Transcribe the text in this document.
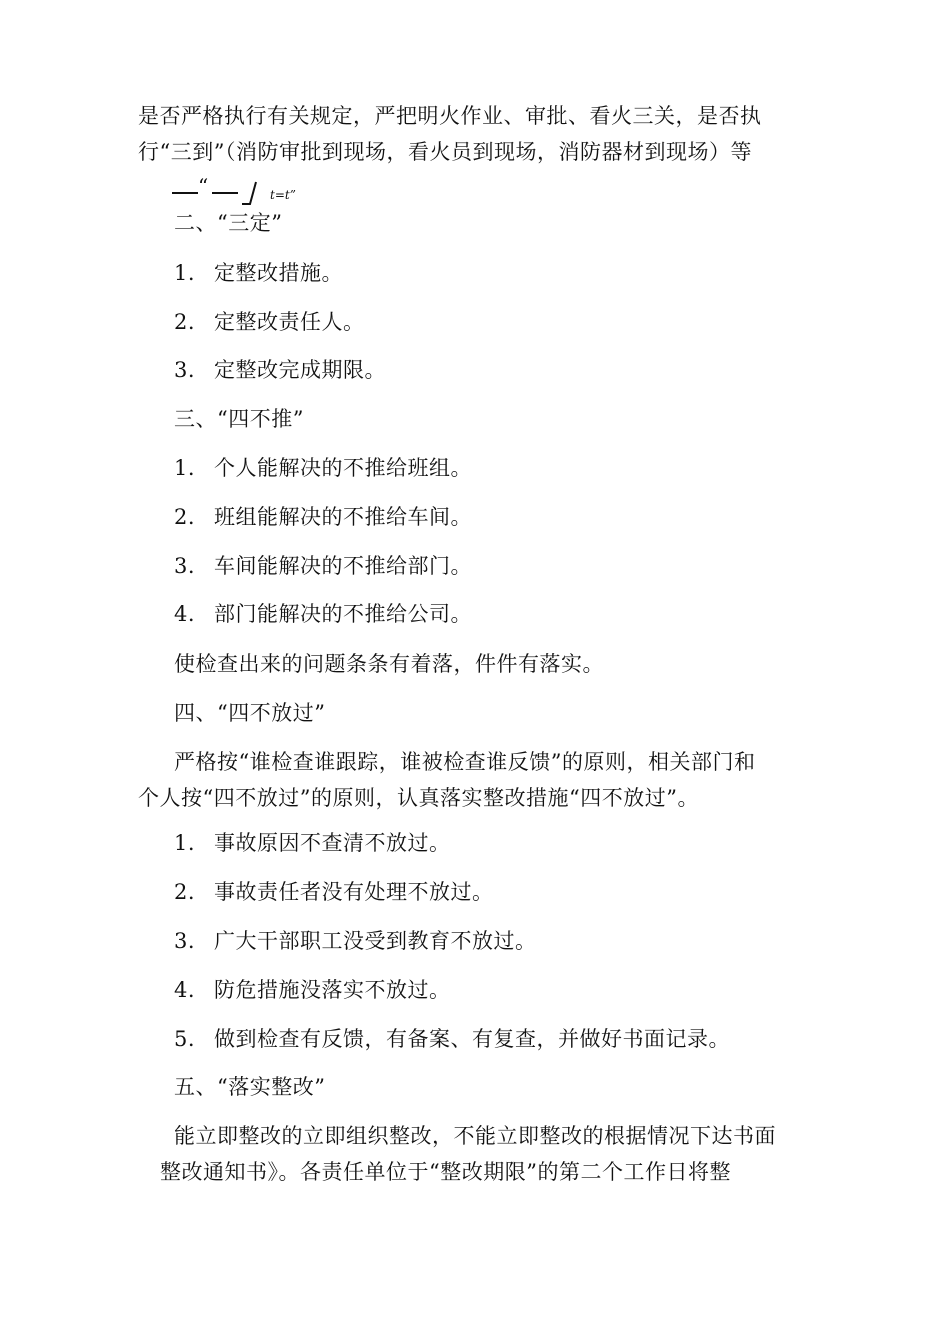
是否严格执行有关规定，严把明火作业、审批、看火三关，是否执
行“三到”（消防审批到现场，看火员到现场，消防器材到现场）等
“	t=t”
二、“三定”
1. 定整改措施。
2. 定整改责任人。
3. 定整改完成期限。
三、“四不推”
1. 个人能解决的不推给班组。
2. 班组能解决的不推给车间。
3. 车间能解决的不推给部门。
4. 部门能解决的不推给公司。
使检查出来的问题条条有着落，件件有落实。
四、“四不放过”
严格按“谁检查谁跟踪，谁被检查谁反馈”的原则，相关部门和
个人按“四不放过”的原则，认真落实整改措施“四不放过”。
1. 事故原因不查清不放过。
2. 事故责任者没有处理不放过。
3. 广大干部职工没受到教育不放过。
4. 防危措施没落实不放过。
5. 做到检查有反馈，有备案、有复查，并做好书面记录。
五、“落实整改”
能立即整改的立即组织整改，不能立即整改的根据情况下达书面
整改通知书》。各责任单位于“整改期限”的第二个工作日将整
